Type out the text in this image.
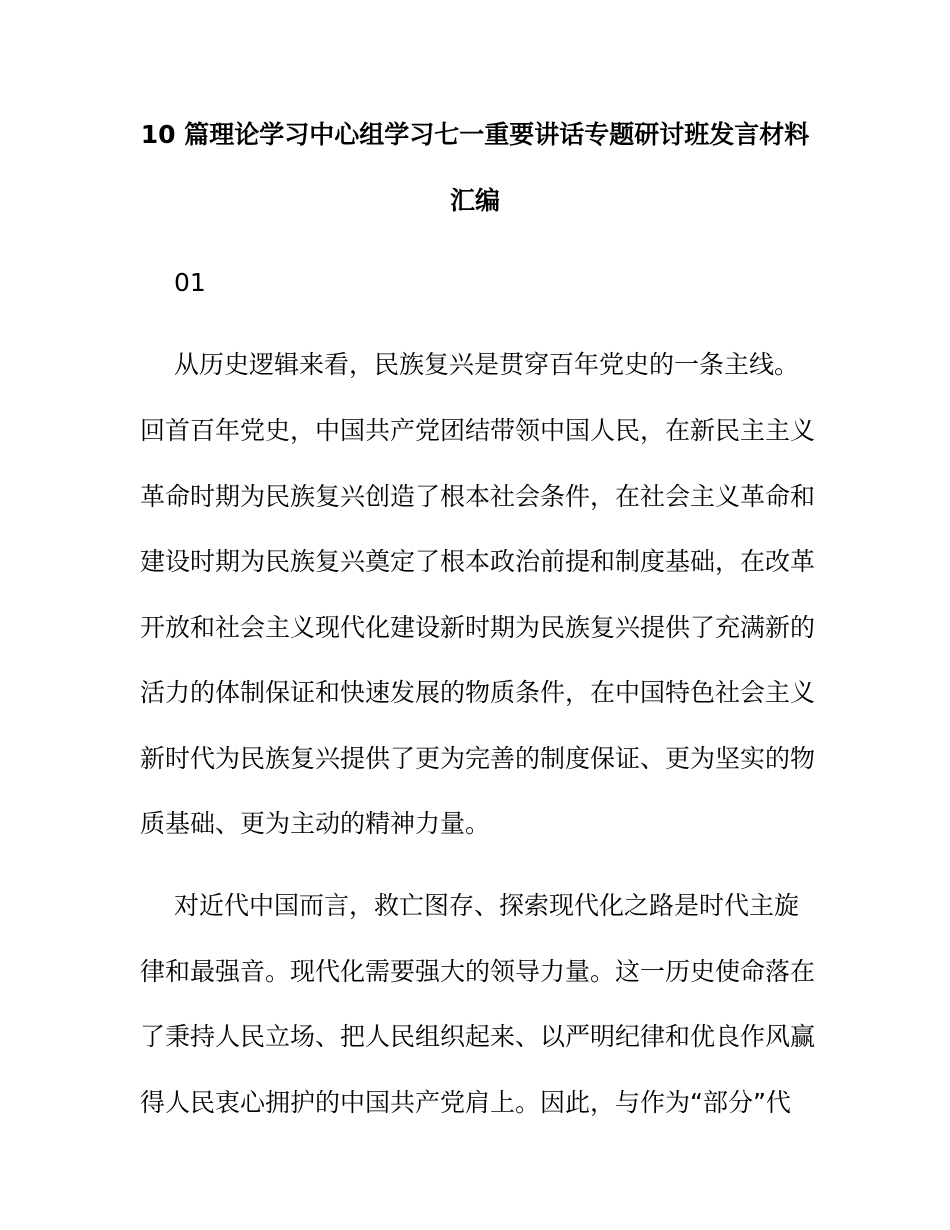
10 篇理论学习中心组学习七一重要讲话专题研讨班发言材料
汇编
01
从历史逻辑来看，民族复兴是贯穿百年党史的一条主线。
回首百年党史，中国共产党团结带领中国人民，在新民主主义
革命时期为民族复兴创造了根本社会条件，在社会主义革命和
建设时期为民族复兴奠定了根本政治前提和制度基础，在改革
开放和社会主义现代化建设新时期为民族复兴提供了充满新的
活力的体制保证和快速发展的物质条件，在中国特色社会主义
新时代为民族复兴提供了更为完善的制度保证、更为坚实的物
质基础、更为主动的精神力量。
对近代中国而言，救亡图存、探索现代化之路是时代主旋
律和最强音。现代化需要强大的领导力量。这一历史使命落在
了秉持人民立场、把人民组织起来、以严明纪律和优良作风赢
得人民衷心拥护的中国共产党肩上。因此，与作为“部分”代
